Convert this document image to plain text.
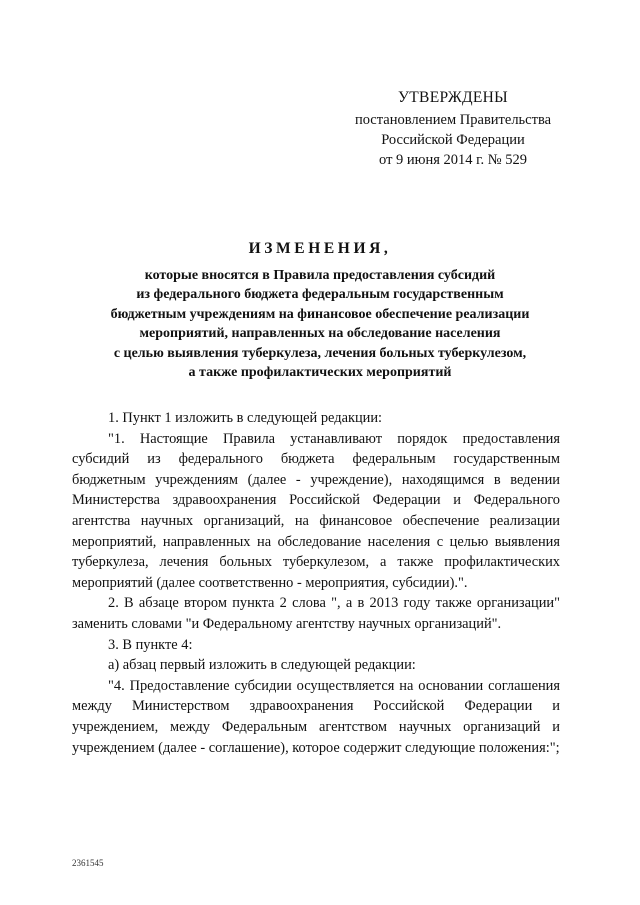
УТВЕРЖДЕНЫ
постановлением Правительства
Российской Федерации
от 9 июня 2014 г. № 529
ИЗМЕНЕНИЯ,
которые вносятся в Правила предоставления субсидий
из федерального бюджета федеральным государственным
бюджетным учреждениям на финансовое обеспечение реализации
мероприятий, направленных на обследование населения
с целью выявления туберкулеза, лечения больных туберкулезом,
а также профилактических мероприятий

1. Пункт 1 изложить в следующей редакции:

"1. Настоящие Правила устанавливают порядок предоставления субсидий из федерального бюджета федеральным государственным бюджетным учреждениям (далее - учреждение), находящимся в ведении Министерства здравоохранения Российской Федерации и Федерального агентства научных организаций, на финансовое обеспечение реализации мероприятий, направленных на обследование населения с целью выявления туберкулеза, лечения больных туберкулезом, а также профилактических мероприятий (далее соответственно - мероприятия, субсидии).".

2. В абзаце втором пункта 2 слова ", а в 2013 году также организации" заменить словами "и Федеральному агентству научных организаций".

3. В пункте 4:

а) абзац первый изложить в следующей редакции:

"4. Предоставление субсидии осуществляется на основании соглашения между Министерством здравоохранения Российской Федерации и учреждением, между Федеральным агентством научных организаций и учреждением (далее - соглашение), которое содержит следующие положения:";

2361545
